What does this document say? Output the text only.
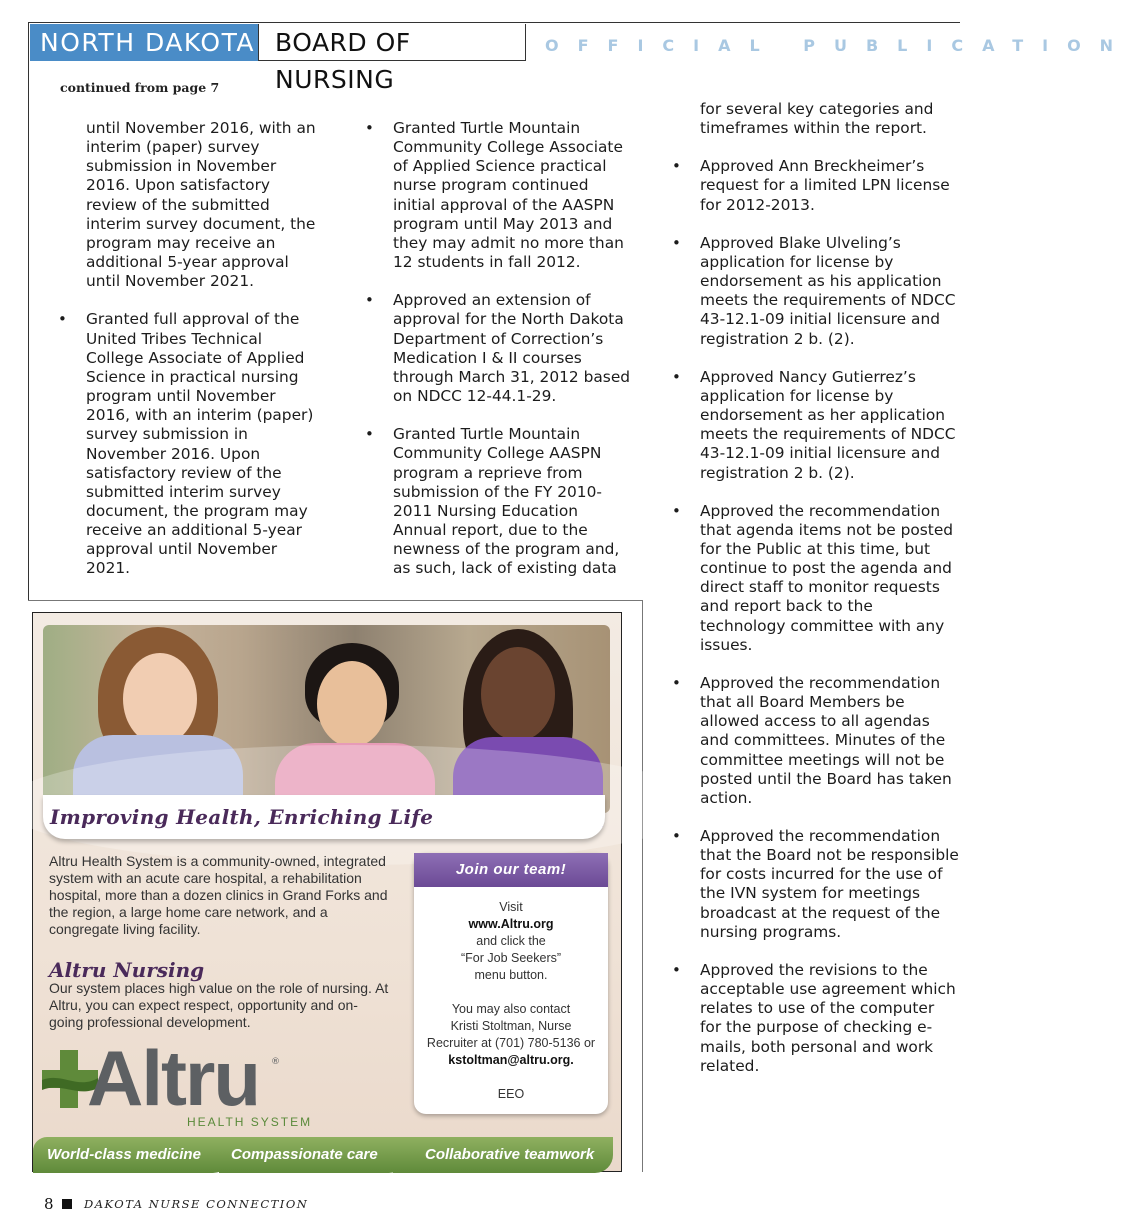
NORTH DAKOTA BOARD OF NURSING
OFFICIAL PUBLICATION
continued from page 7
until November 2016, with an interim (paper) survey submission in November 2016. Upon satisfactory review of the submitted interim survey document, the program may receive an additional 5-year approval until November 2021.
• Granted full approval of the United Tribes Technical College Associate of Applied Science in practical nursing program until November 2016, with an interim (paper) survey submission in November 2016. Upon satisfactory review of the submitted interim survey document, the program may receive an additional 5-year approval until November 2021.
• Granted Turtle Mountain Community College Associate of Applied Science practical nurse program continued initial approval of the AASPN program until May 2013 and they may admit no more than 12 students in fall 2012.
• Approved an extension of approval for the North Dakota Department of Correction’s Medication I & II courses through March 31, 2012 based on NDCC 12-44.1-29.
• Granted Turtle Mountain Community College AASPN program a reprieve from submission of the FY 2010-2011 Nursing Education Annual report, due to the newness of the program and, as such, lack of existing data
for several key categories and timeframes within the report.
• Approved Ann Breckheimer’s request for a limited LPN license for 2012-2013.
• Approved Blake Ulveling’s application for license by endorsement as his application meets the requirements of NDCC 43-12.1-09 initial licensure and registration 2 b. (2).
• Approved Nancy Gutierrez’s application for license by endorsement as her application meets the requirements of NDCC 43-12.1-09 initial licensure and registration 2 b. (2).
• Approved the recommendation that agenda items not be posted for the Public at this time, but continue to post the agenda and direct staff to monitor requests and report back to the technology committee with any issues.
• Approved the recommendation that all Board Members be allowed access to all agendas and committees. Minutes of the committee meetings will not be posted until the Board has taken action.
• Approved the recommendation that the Board not be responsible for costs incurred for the use of the IVN system for meetings broadcast at the request of the nursing programs.
• Approved the revisions to the acceptable use agreement which relates to use of the computer for the purpose of checking e-mails, both personal and work related.
Improving Health, Enriching Life
Altru Health System is a community-owned, integrated system with an acute care hospital, a rehabilitation hospital, more than a dozen clinics in Grand Forks and the region, a large home care network, and a congregate living facility.
Altru Nursing
Our system places high value on the role of nursing. At Altru, you can expect respect, opportunity and on-going professional development.
Altru ®
HEALTH SYSTEM
Join our team!
Visit
www.Altru.org
and click the
“For Job Seekers”
menu button.
You may also contact
Kristi Stoltman, Nurse
Recruiter at (701) 780-5136 or
kstoltman@altru.org.
EEO
Collaborative teamwork
Compassionate care
World-class medicine
8	DAKOTA NURSE CONNECTION
